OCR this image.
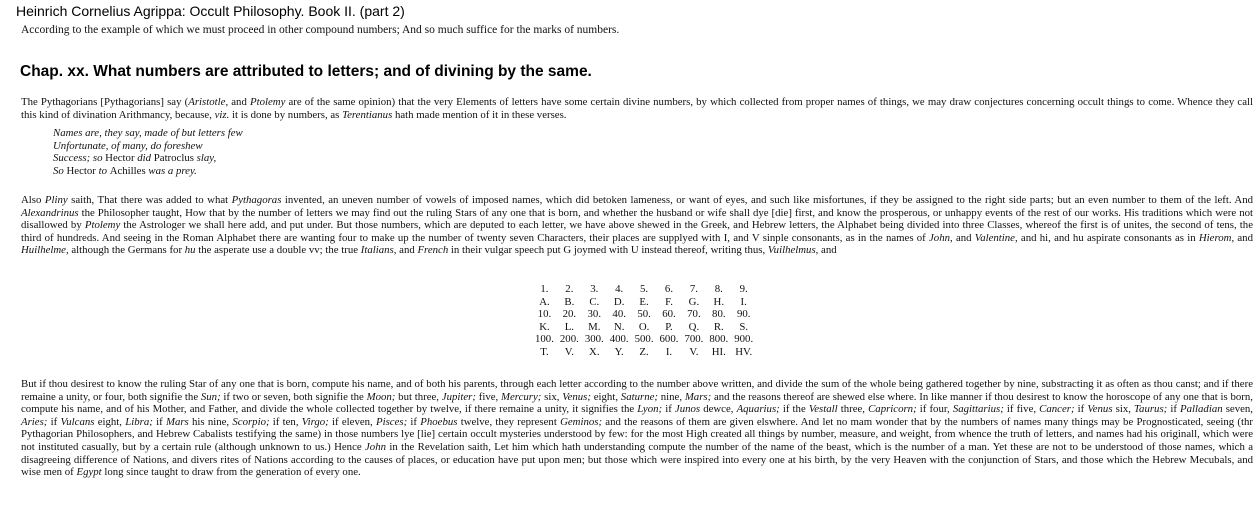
Heinrich Cornelius Agrippa: Occult Philosophy. Book II. (part 2)
According to the example of which we must proceed in other compound numbers; And so much suffice for the marks of numbers.
Chap. xx. What numbers are attributed to letters; and of divining by the same.
The Pythagorians [Pythagorians] say (Aristotle, and Ptolemy are of the same opinion) that the very Elements of letters have some certain divine numbers, by which collected from proper names of things, we may draw conjectures concerning occult things to come. Whence they call this kind of divination Arithmancy, because, viz. it is done by numbers, as Terentianus hath made mention of it in these verses.
Names are, they say, made of but letters few
Unfortunate, of many, do foreshew
Success; so Hector did Patroclus slay,
So Hector to Achilles was a prey.
Also Pliny saith, That there was added to what Pythagoras invented, an uneven number of vowels of imposed names, which did betoken lameness, or want of eyes, and such like misfortunes, if they be assigned to the right side parts; but an even number to them of the left. And Alexandrinus the Philosopher taught, How that by the number of letters we may find out the ruling Stars of any one that is born, and whether the husband or wife shall dye [die] first, and know the prosperous, or unhappy events of the rest of our works. His traditions which were not disallowed by Ptolemy the Astrologer we shall here add, and put under. But those numbers, which are deputed to each letter, we have above shewed in the Greek, and Hebrew letters, the Alphabet being divided into three Classes, whereof the first is of unites, the second of tens, the third of hundreds. And seeing in the Roman Alphabet there are wanting four to make up the number of twenty seven Characters, their places are supplyed with I, and V sinple consonants, as in the names of John, and Valentine, and hi, and hu aspirate consonants as in Hierom, and Huilhelme, although the Germans for hu the asperate use a double vv; the true Italians, and French in their vulgar speech put G joymed with U instead thereof, writing thus, Vuilhelmus, and
1.	2.	3.	4.	5.	6.	7.	8.	9.
A.	B.	C.	D.	E.	F.	G.	H.	I.
10.	20.	30.	40.	50.	60.	70.	80.	90.
K.	L.	M.	N.	O.	P.	Q.	R.	S.
100.	200.	300.	400.	500.	600.	700.	800.	900.
T.	V.	X.	Y.	Z.	I.	V.	HI.	HV.
But if thou desirest to know the ruling Star of any one that is born, compute his name, and of both his parents, through each letter according to the number above written, and divide the sum of the whole being gathered together by nine, substracting it as often as thou canst; and if there remaine a unity, or four, both signifie the Sun; if two or seven, both signifie the Moon; but three, Jupiter; five, Mercury; six, Venus; eight, Saturne; nine, Mars; and the reasons thereof are shewed else where. In like manner if thou desirest to know the horoscope of any one that is born, compute his name, and of his Mother, and Father, and divide the whole collected together by twelve, if there remaine a unity, it signifies the Lyon; if Junos dewce, Aquarius; if the Vestall three, Capricorn; if four, Sagittarius; if five, Cancer; if Venus six, Taurus; if Palladian seven, Aries; if Vulcans eight, Libra; if Mars his nine, Scorpio; if ten, Virgo; if eleven, Pisces; if Phoebus twelve, they represent Geminos; and the reasons of them are given elswhere. And let no mam wonder that by the numbers of names many things may be Prognosticated, seeing (thr Pythagorian Philosophers, and Hebrew Cabalists testifying the same) in those numbers lye [lie] certain occult mysteries understood by few: for the most High created all things by number, measure, and weight, from whence the truth of letters, and names had his originall, which were not instituted casually, but by a certain rule (although unknown to us.) Hence John in the Revelation saith, Let him which hath understanding compute the number of the name of the beast, which is the number of a man. Yet these are not to be understood of those names, which a disagreeing difference of Nations, and divers rites of Nations according to the causes of places, or education have put upon men; but those which were inspired into every one at his birth, by the very Heaven with the conjunction of Stars, and those which the Hebrew Mecubals, and wise men of Egypt long since taught to draw from the generation of every one.
